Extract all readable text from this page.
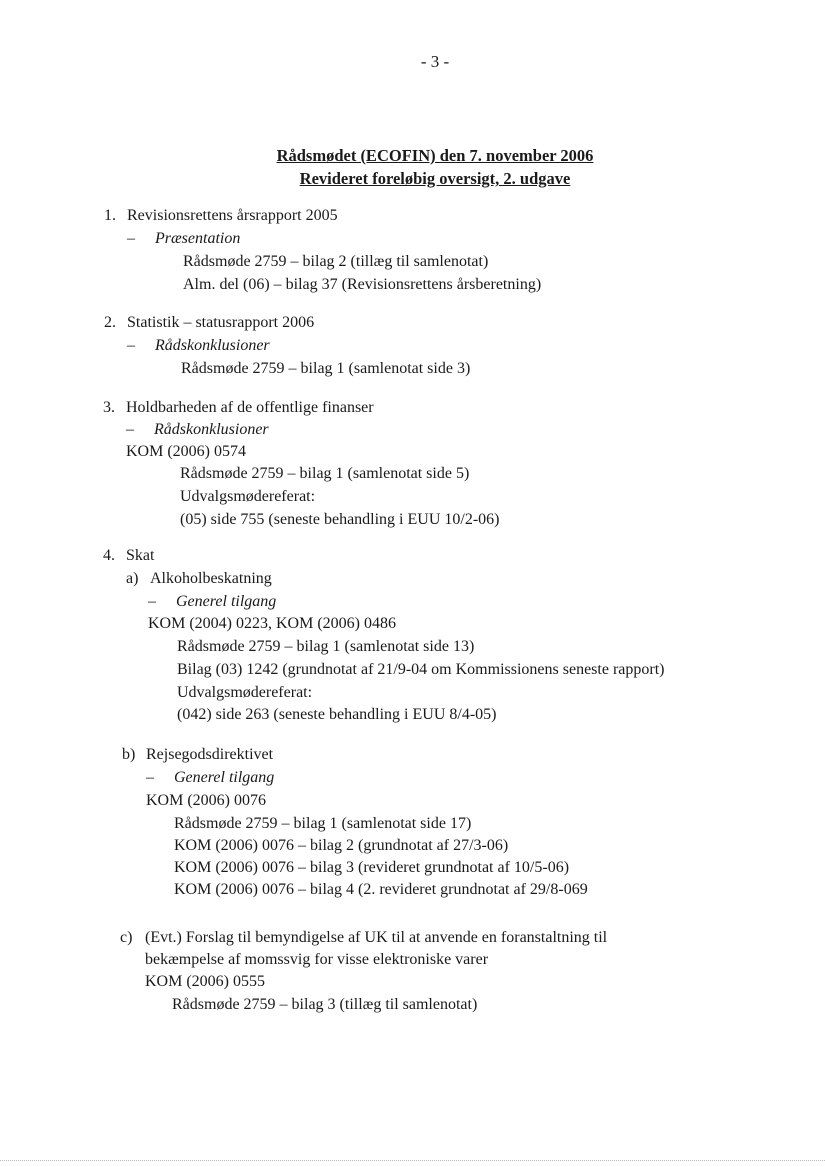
- 3 -
Rådsmødet (ECOFIN) den 7. november 2006
Revideret foreløbig oversigt, 2. udgave
1. Revisionsrettens årsrapport 2005
– Præsentation
Rådsmøde 2759 – bilag 2 (tillæg til samlenotat)
Alm. del (06) – bilag 37 (Revisionsrettens årsberetning)
2. Statistik – statusrapport 2006
– Rådskonklusioner
Rådsmøde 2759 – bilag 1 (samlenotat side 3)
3. Holdbarheden af de offentlige finanser
– Rådskonklusioner
KOM (2006) 0574
Rådsmøde 2759 – bilag 1 (samlenotat side 5)
Udvalgsmødereferat:
(05) side 755 (seneste behandling i EUU 10/2-06)
4. Skat
a) Alkoholbeskatning
– Generel tilgang
KOM (2004) 0223, KOM (2006) 0486
Rådsmøde 2759 – bilag 1 (samlenotat side 13)
Bilag (03) 1242 (grundnotat af 21/9-04 om Kommissionens seneste rapport)
Udvalgsmødereferat:
(042) side 263 (seneste behandling i EUU 8/4-05)
b) Rejsegodsdirektivet
– Generel tilgang
KOM (2006) 0076
Rådsmøde 2759 – bilag 1 (samlenotat side 17)
KOM (2006) 0076 – bilag 2 (grundnotat af 27/3-06)
KOM (2006) 0076 – bilag 3 (revideret grundnotat af 10/5-06)
KOM (2006) 0076 – bilag 4 (2. revideret grundnotat af 29/8-069
c) (Evt.) Forslag til bemyndigelse af UK til at anvende en foranstaltning til
bekæmpelse af momssvig for visse elektroniske varer
KOM (2006) 0555
Rådsmøde 2759 – bilag 3 (tillæg til samlenotat)
